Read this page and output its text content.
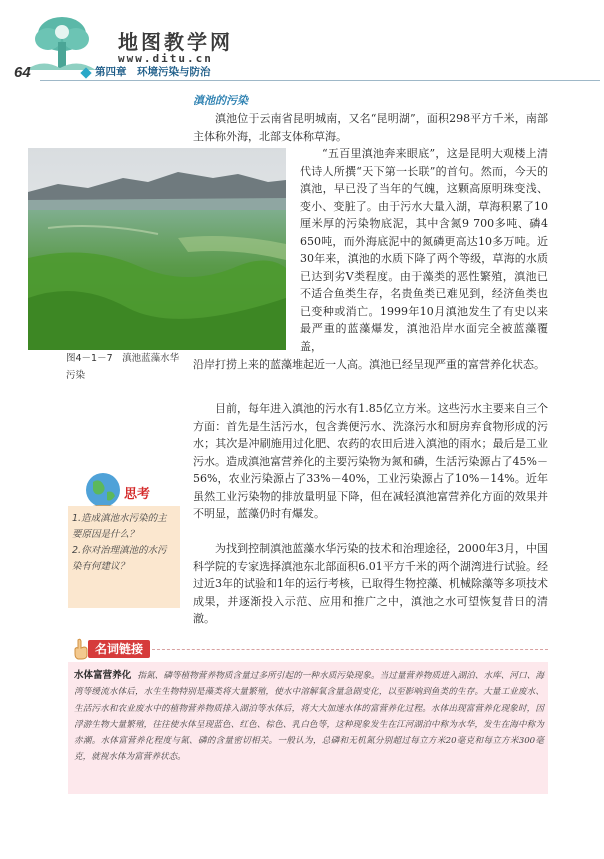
地图教学网
www.ditu.cn
64	第四章　环境污染与防治
滇池的污染

滇池位于云南省昆明城南，又名“昆明湖”，面积298平方千米，南部主体称外海，北部支体称草海。

“五百里滇池奔来眼底”，这是昆明大观楼上清代诗人所撰“天下第一长联”的首句。然而，今天的滇池，早已没了当年的气魄，这颗高原明珠变浅、变小、变脏了。由于污水大量入湖，草海积累了10厘米厚的污染物底泥，其中含氮9 700多吨、磷4 650吨，而外海底泥中的氮磷更高达10多万吨。近30年来，滇池的水质下降了两个等级，草海的水质已达到劣Ⅴ类程度。由于藻类的恶性繁殖，滇池已不适合鱼类生存，名贵鱼类已难见到，经济鱼类也已变种或消亡。1999年10月滇池发生了有史以来最严重的蓝藻爆发，滇池沿岸水面完全被蓝藻覆盖，

沿岸打捞上来的蓝藻堆起近一人高。滇池已经呈现严重的富营养化状态。

目前，每年进入滇池的污水有1.85亿立方米。这些污水主要来自三个方面：首先是生活污水，包含粪便污水、洗涤污水和厨房弃食物形成的污水；其次是冲刷施用过化肥、农药的农田后进入滇池的雨水；最后是工业污水。造成滇池富营养化的主要污染物为氮和磷，生活污染源占了45%－56%，农业污染源占了33%－40%，工业污染源占了10%－14%。近年虽然工业污染物的排放量明显下降，但在减轻滇池富营养化方面的效果并不明显，蓝藻仍时有爆发。

为找到控制滇池蓝藻水华污染的技术和治理途径，2000年3月，中国科学院的专家选择滇池东北部面积6.01平方千米的两个湖湾进行试验。经过近3年的试验和1年的运行考核，已取得生物控藻、机械除藻等多项技术成果，并逐渐投入示范、应用和推广之中，滇池之水可望恢复昔日的清澈。

图4－1－7　滇池蓝藻水华污染
思考

1.造成滇池水污染的主要原因是什么？

2.你对治理滇池的水污染有何建议？

名词链接

水体富营养化 指氮、磷等植物营养物质含量过多所引起的一种水质污染现象。当过量营养物质进入湖泊、水库、河口、海湾等缓流水体后，水生生物特别是藻类将大量繁殖，使水中溶解氧含量急剧变化，以至影响到鱼类的生存。大量工业废水、生活污水和农业废水中的植物营养物质排入湖泊等水体后，将大大加速水体的富营养化过程。水体出现富营养化现象时，因浮游生物大量繁殖，往往使水体呈现蓝色、红色、棕色、乳白色等，这种现象发生在江河湖泊中称为水华，发生在海中称为赤潮。水体富营养化程度与氮、磷的含量密切相关。一般认为，总磷和无机氮分别超过每立方米20毫克和每立方米300毫克，就视水体为富营养状态。
